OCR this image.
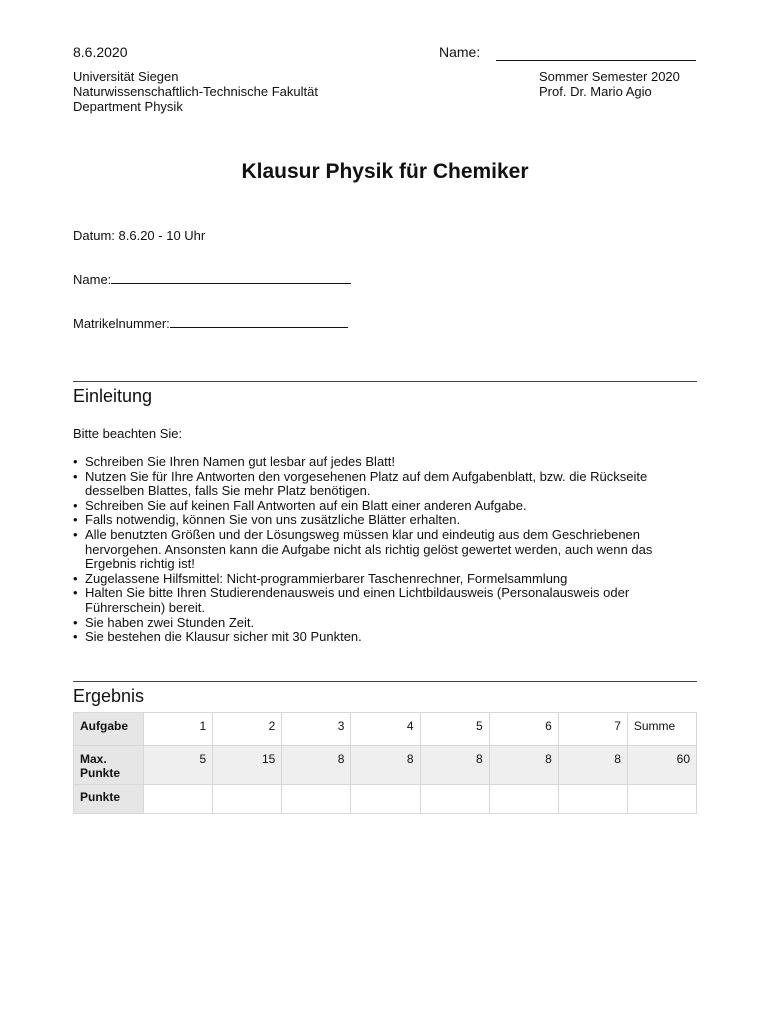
8.6.2020	Name:
Universität Siegen
Naturwissenschaftlich-Technische Fakultät
Department Physik
Sommer Semester 2020
Prof. Dr. Mario Agio
Klausur Physik für Chemiker
Datum: 8.6.20 - 10 Uhr
Name:
Matrikelnummer:
Einleitung
Bitte beachten Sie:
• Schreiben Sie Ihren Namen gut lesbar auf jedes Blatt!
• Nutzen Sie für Ihre Antworten den vorgesehenen Platz auf dem Aufgabenblatt, bzw. die Rückseite desselben Blattes, falls Sie mehr Platz benötigen.
• Schreiben Sie auf keinen Fall Antworten auf ein Blatt einer anderen Aufgabe.
• Falls notwendig, können Sie von uns zusätzliche Blätter erhalten.
• Alle benutzten Größen und der Lösungsweg müssen klar und eindeutig aus dem Geschriebenen hervorgehen. Ansonsten kann die Aufgabe nicht als richtig gelöst gewertet werden, auch wenn das Ergebnis richtig ist!
• Zugelassene Hilfsmittel: Nicht-programmierbarer Taschenrechner, Formelsammlung
• Halten Sie bitte Ihren Studierendenausweis und einen Lichtbildausweis (Personalausweis oder Führerschein) bereit.
• Sie haben zwei Stunden Zeit.
• Sie bestehen die Klausur sicher mit 30 Punkten.
Ergebnis
Aufgabe	1	2	3	4	5	6	7	Summe
Max. Punkte	5	15	8	8	8	8	8	60
Punkte								
